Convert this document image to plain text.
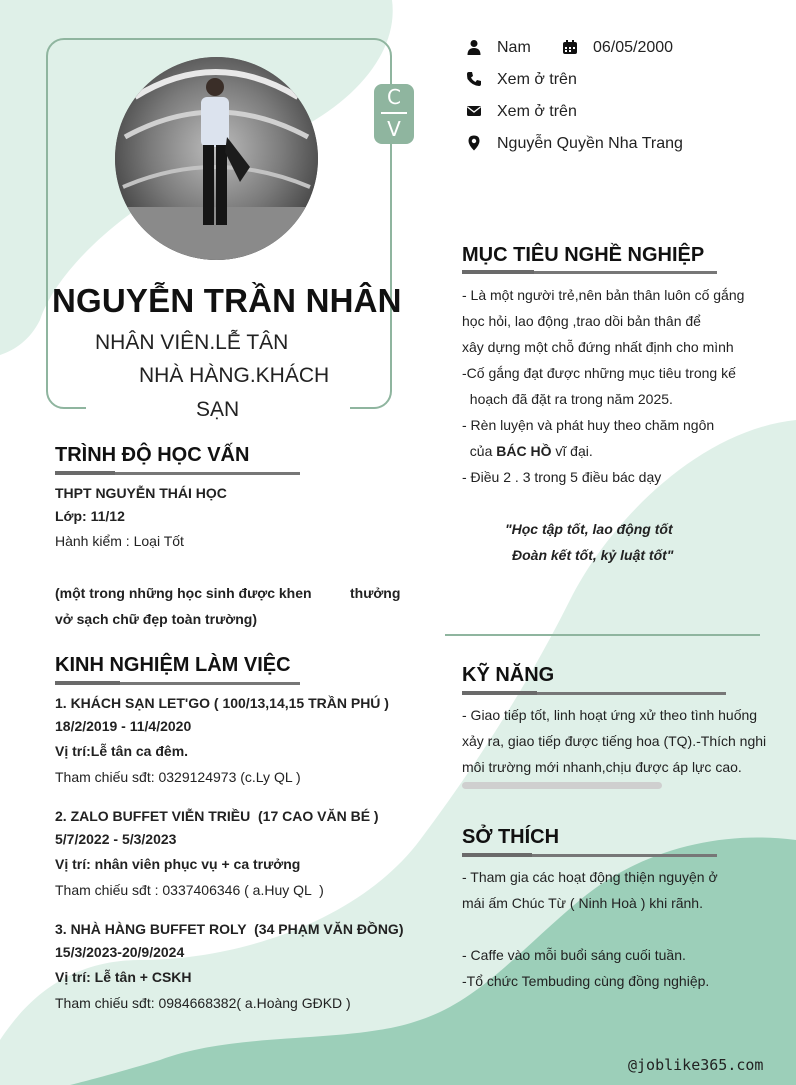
C
V
NGUYỄN TRẦN NHÂN
NHÂN VIÊN.LỄ TÂN
NHÀ HÀNG.KHÁCH
SẠN
Nam	06/05/2000
Xem ở trên
Xem ở trên
Nguyễn Quyền Nha Trang
MỤC TIÊU NGHỀ NGHIỆP
- Là một người trẻ,nên bản thân luôn cố gắng
học hỏi, lao động ,trao dồi bản thân để
xây dựng một chỗ đứng nhất định cho mình
-Cố gắng đạt được những mục tiêu trong kế
hoạch đã đặt ra trong năm 2025.
- Rèn luyện và phát huy theo chăm ngôn
của BÁC HỒ vĩ đại.
- Điều 2 . 3 trong 5 điều bác dạy
"Học tập tốt, lao động tốt
Đoàn kết tốt, kỷ luật tốt"
TRÌNH ĐỘ HỌC VẤN
THPT NGUYỄN THÁI HỌC
Lớp: 11/12
Hành kiểm : Loại Tốt
(một trong những học sinh được khen	thưởng
vở sạch chữ đẹp toàn trường)
KINH NGHIỆM LÀM VIỆC
1. KHÁCH SẠN LET'GO ( 100/13,14,15 TRẦN PHÚ )
18/2/2019 - 11/4/2020
Vị trí:Lễ tân ca đêm.
Tham chiếu sđt: 0329124973 (c.Ly QL )
2. ZALO BUFFET VIỄN TRIỀU  (17 CAO VĂN BÉ )
5/7/2022 - 5/3/2023
Vị trí: nhân viên phục vụ + ca trưởng
Tham chiếu sđt : 0337406346 ( a.Huy QL  )
3. NHÀ HÀNG BUFFET ROLY  (34 PHẠM VĂN ĐỒNG)
15/3/2023-20/9/2024
Vị trí: Lễ tân + CSKH
Tham chiếu sđt: 0984668382( a.Hoàng GĐKD )
KỸ NĂNG
- Giao tiếp tốt, linh hoạt ứng xử theo tình huống
xảy ra, giao tiếp được tiếng hoa (TQ).-Thích nghi
môi trường mới nhanh,chịu được áp lực cao.
SỞ THÍCH
- Tham gia các hoạt động thiện nguyện ở
mái ấm Chúc Từ ( Ninh Hoà ) khi rãnh.
- Caffe vào mỗi buổi sáng cuối tuần.
-Tổ chức Tembuding cùng đồng nghiệp.
@joblike365.com
